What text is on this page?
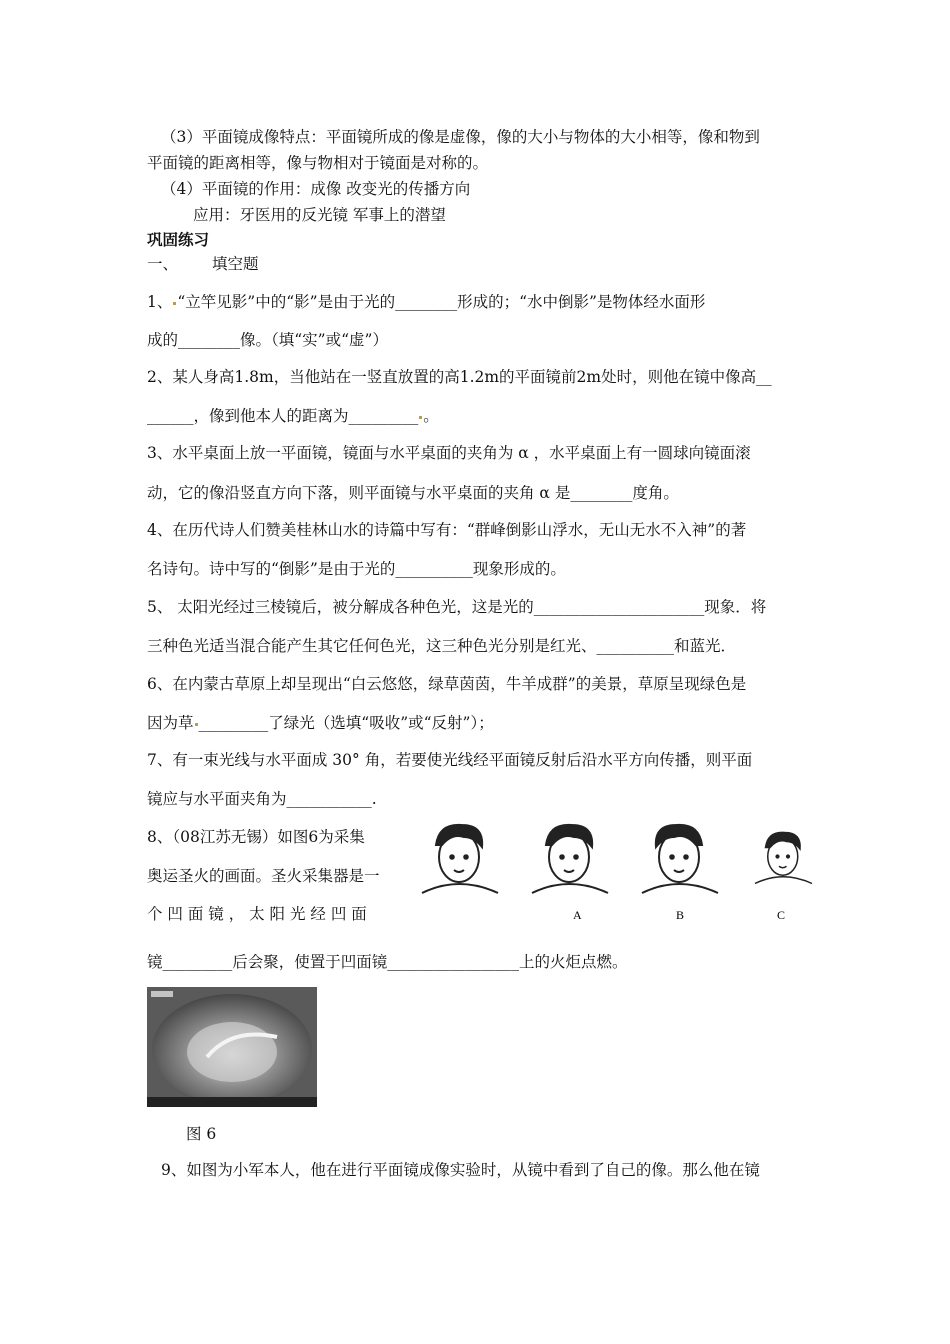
（3）平面镜成像特点：平面镜所成的像是虚像，像的大小与物体的大小相等，像和物到
平面镜的距离相等，像与物相对于镜面是对称的。
（4）平面镜的作用：成像 改变光的传播方向
应用：牙医用的反光镜 军事上的潜望
巩固练习
一、 填空题
1、 “立竿见影”中的“影”是由于光的________形成的；“水中倒影”是物体经水面形
成的________像。（填“实”或“虚”）
2、某人身高1.8m，当他站在一竖直放置的高1.2m的平面镜前2m处时，则他在镜中像高__
______，像到他本人的距离为_________ 。
3、水平桌面上放一平面镜，镜面与水平桌面的夹角为 α ，水平桌面上有一圆球向镜面滚
动，它的像沿竖直方向下落，则平面镜与水平桌面的夹角 α 是________度角。
4、在历代诗人们赞美桂林山水的诗篇中写有：“群峰倒影山浮水，无山无水不入神”的著
名诗句。诗中写的“倒影”是由于光的__________现象形成的。
5、 太阳光经过三棱镜后，被分解成各种色光，这是光的______________________现象．将
三种色光适当混合能产生其它任何色光，这三种色光分别是红光、__________和蓝光．
6、在内蒙古草原上却呈现出“白云悠悠，绿草茵茵，牛羊成群”的美景，草原呈现绿色是
因为草 _________了绿光（选填“吸收”或“反射”）；
7、有一束光线与水平面成 30° 角，若要使光线经平面镜反射后沿水平方向传播，则平面
镜应与水平面夹角为___________.
8、（08江苏无锡）如图6为采集
奥运圣火的画面。圣火采集器是一
个 凹 面 镜 ， 太 阳 光 经 凹 面
镜_________后会聚，使置于凹面镜_________________上的火炬点燃。
A	B	C
图 6
9、如图为小军本人，他在进行平面镜成像实验时，从镜中看到了自己的像。那么他在镜
